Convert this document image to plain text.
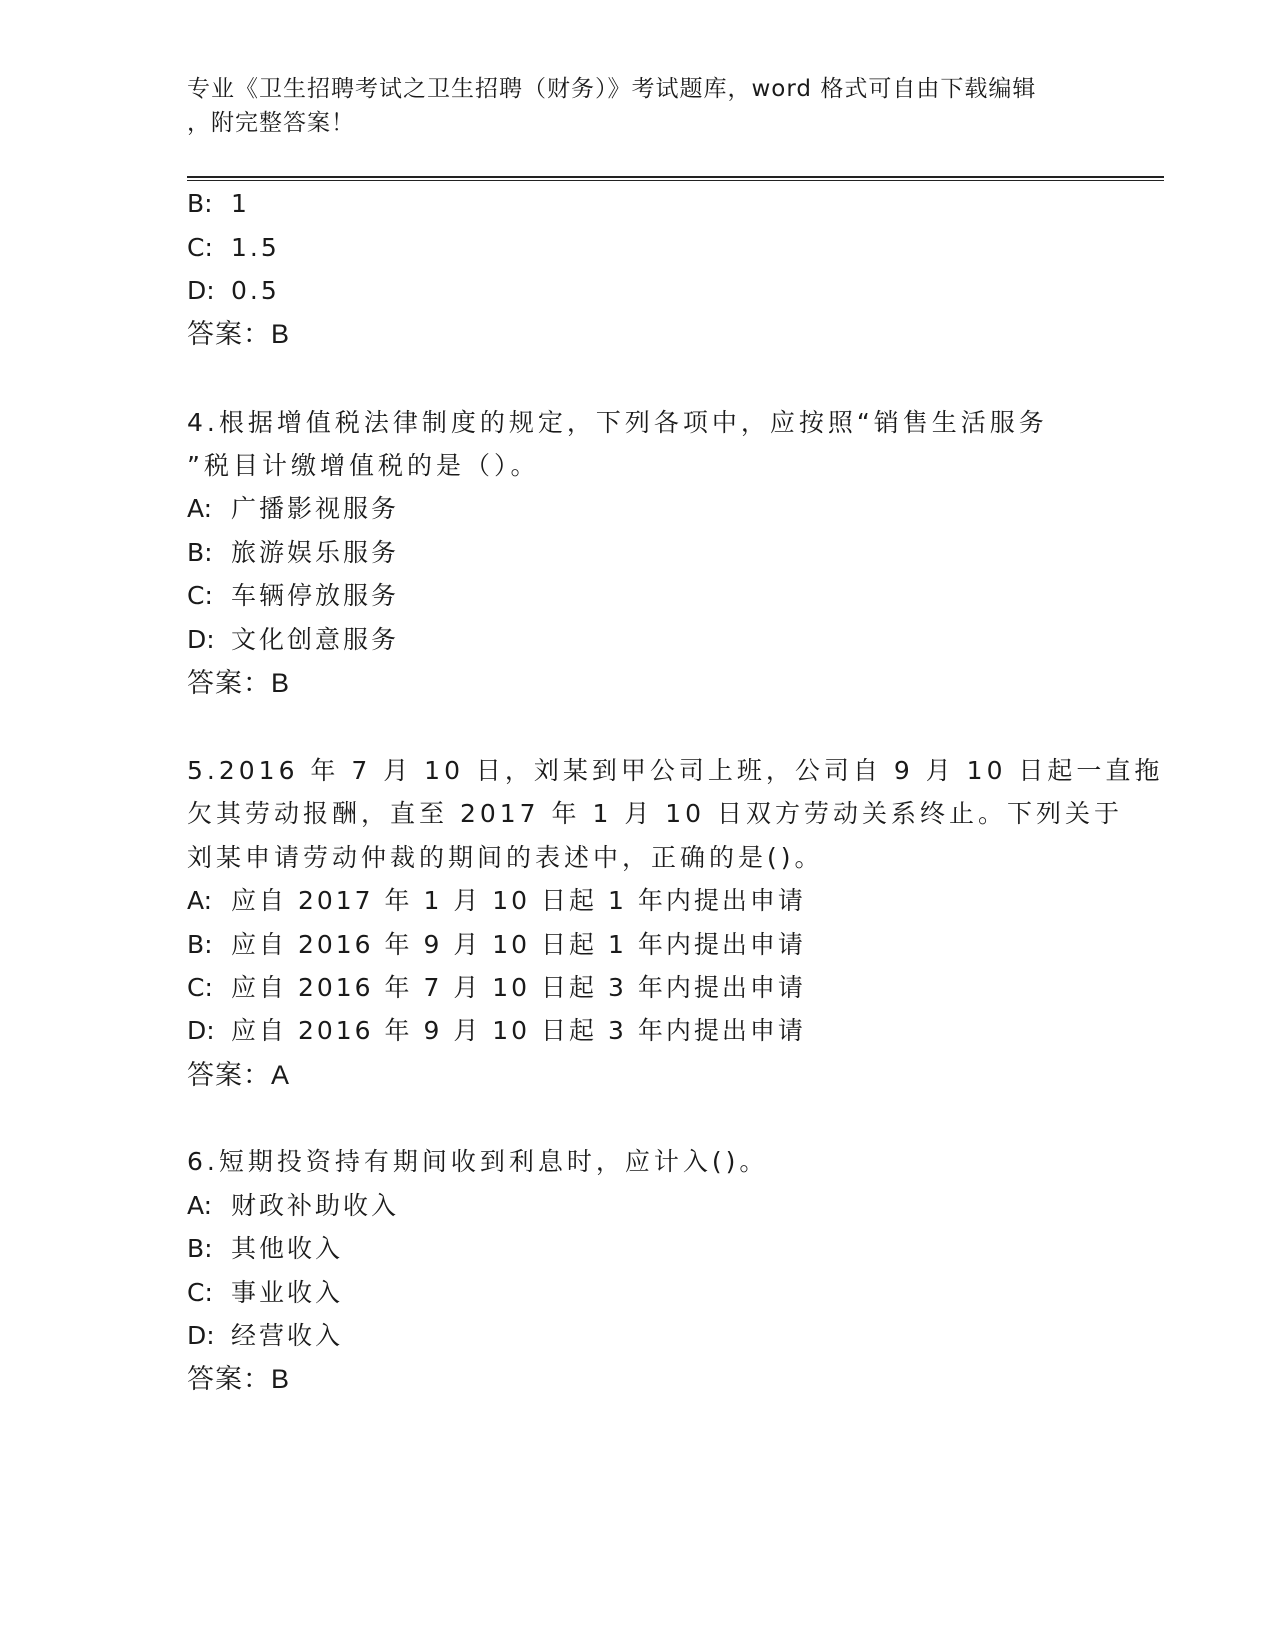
专业《卫生招聘考试之卫生招聘（财务）》考试题库，word 格式可自由下载编辑
，附完整答案！
B: 1
C: 1.5
D: 0.5
答案：B
4.根据增值税法律制度的规定，下列各项中，应按照“销售生活服务
”税目计缴增值税的是（）。
A: 广播影视服务
B: 旅游娱乐服务
C: 车辆停放服务
D: 文化创意服务
答案：B
5.2016 年 7 月 10 日，刘某到甲公司上班，公司自 9 月 10 日起一直拖
欠其劳动报酬，直至 2017 年 1 月 10 日双方劳动关系终止。下列关于
刘某申请劳动仲裁的期间的表述中，正确的是()。
A: 应自 2017 年 1 月 10 日起 1 年内提出申请
B: 应自 2016 年 9 月 10 日起 1 年内提出申请
C: 应自 2016 年 7 月 10 日起 3 年内提出申请
D: 应自 2016 年 9 月 10 日起 3 年内提出申请
答案：A
6.短期投资持有期间收到利息时，应计入()。
A: 财政补助收入
B: 其他收入
C: 事业收入
D: 经营收入
答案：B
